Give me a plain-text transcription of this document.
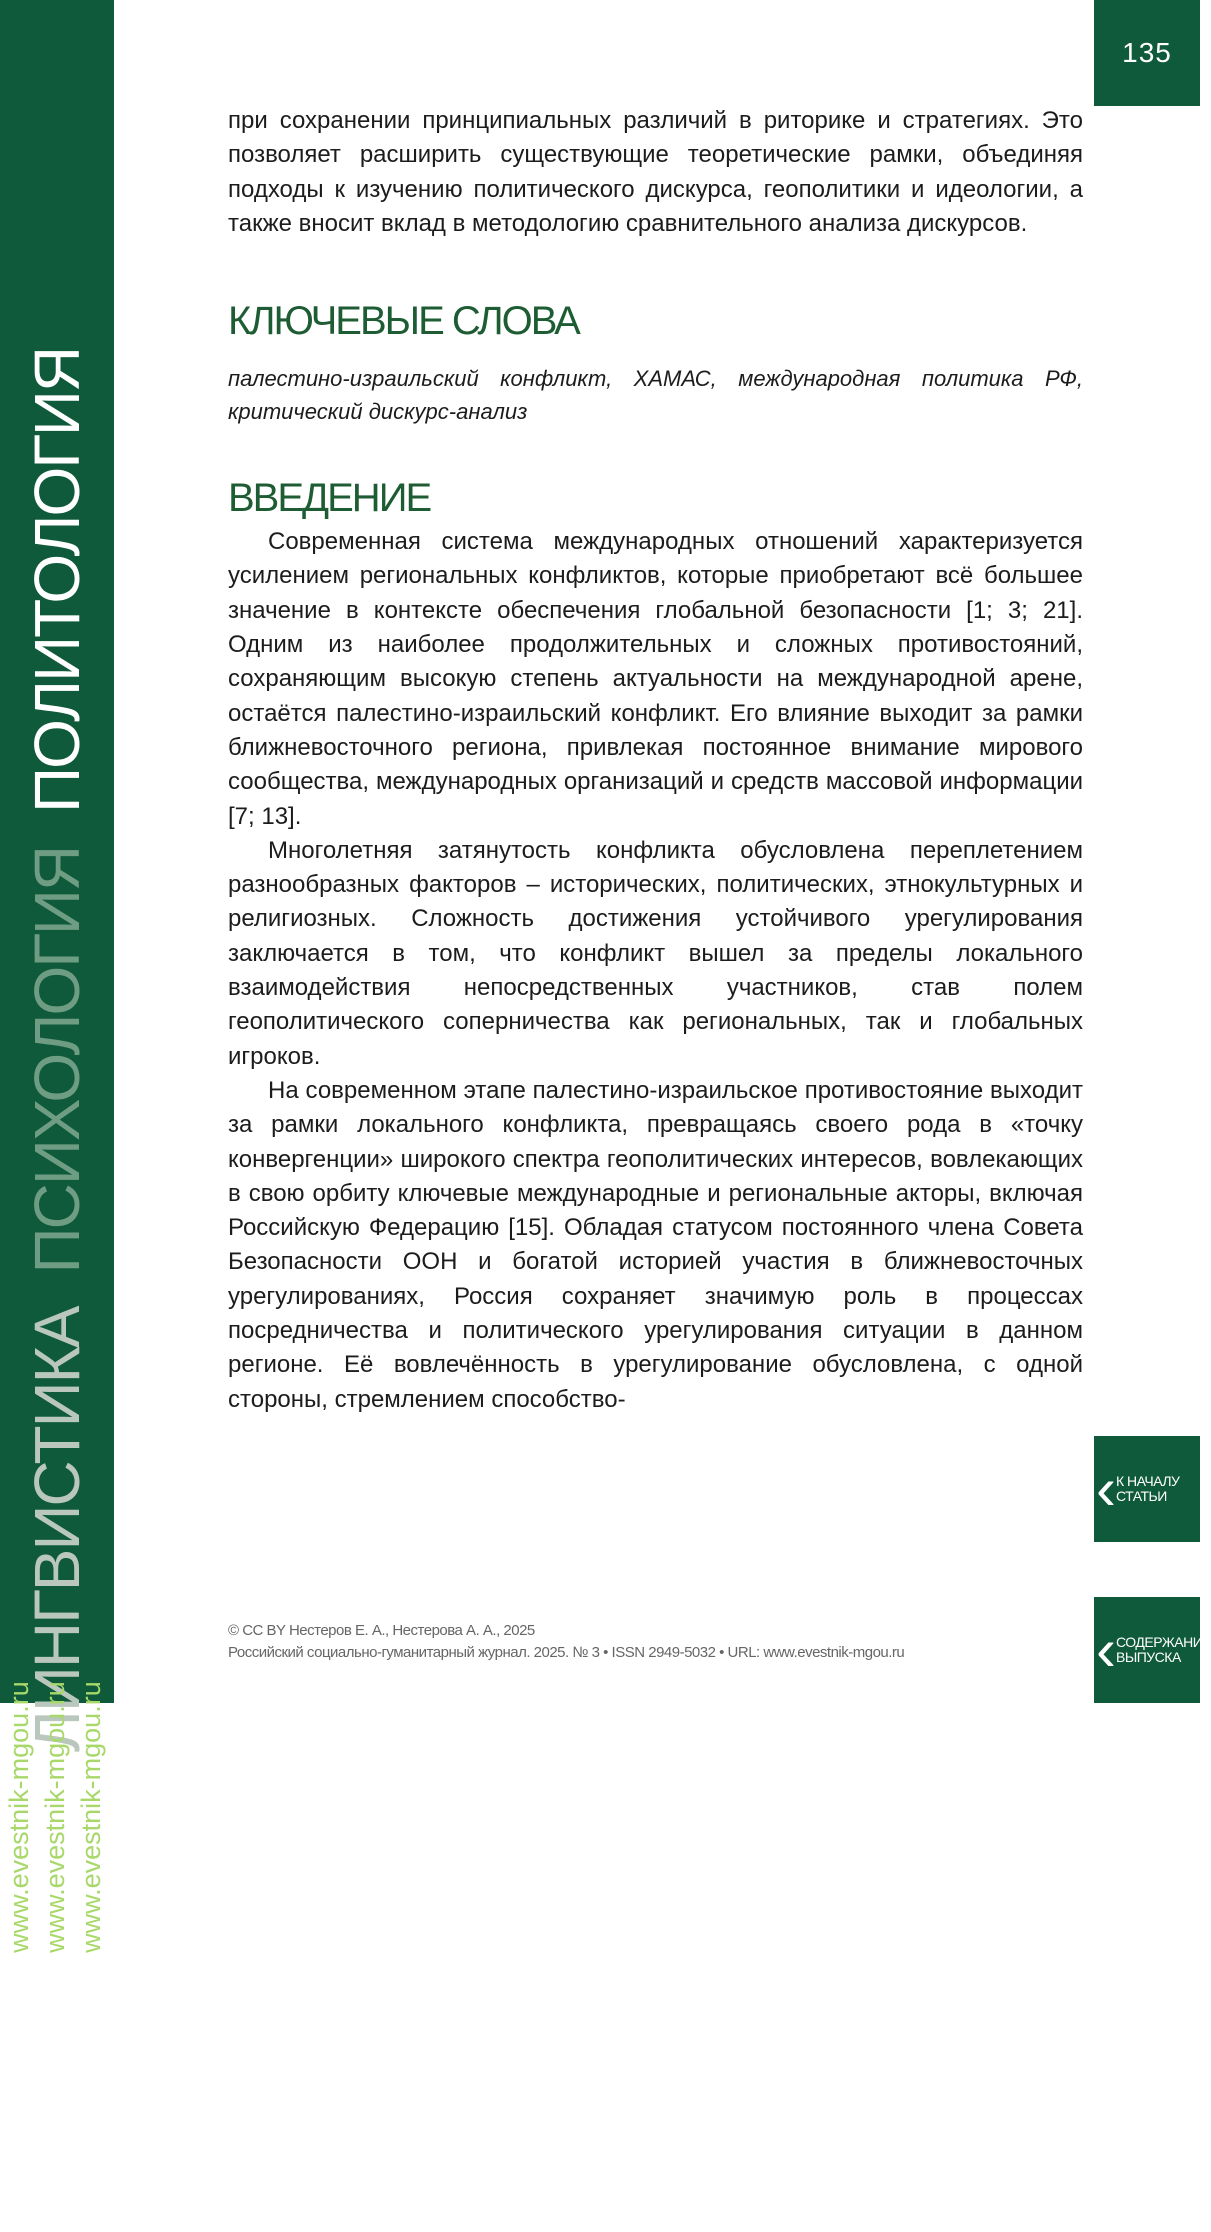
ЛИНГВИСТИКАПСИХОЛОГИЯПОЛИТОЛОГИЯ
www.evestnik-mgou.ru www.evestnik-mgou.ru
www.evestnik-mgou.ru www.evestnik-mgou.ru
www.evestnik-mgou.ru www.evestnik-mgou.ru
135
‹ К НАЧАЛУ
СТАТЬИ
‹ СОДЕРЖАНИЕ
ВЫПУСКА

при сохранении принципиальных различий в риторике и стратегиях. Это позволяет расширить существующие теоретические рамки, объединяя подходы к изучению политического дискурса, геополитики и идеологии, а также вносит вклад в методологию сравнительного анализа дискурсов.

КЛЮЧЕВЫЕ СЛОВА

палестино-израильский конфликт, ХАМАС, международная политика РФ, критический дискурс-анализ

ВВЕДЕНИЕ

Современная система международных отношений характеризуется усилением региональных конфликтов, которые приобретают всё большее значение в контексте обеспечения глобальной безопасности [1; 3; 21]. Одним из наиболее продолжительных и сложных противостояний, сохраняющим высокую степень актуальности на международной арене, остаётся палестино-израильский конфликт. Его влияние выходит за рамки ближневосточного региона, привлекая постоянное внимание мирового сообщества, международных организаций и средств массовой информации [7; 13].

Многолетняя затянутость конфликта обусловлена переплетением разнообразных факторов – исторических, политических, этнокультурных и религиозных. Сложность достижения устойчивого урегулирования заключается в том, что конфликт вышел за пределы локального взаимодействия непосредственных участников, став полем геополитического соперничества как региональных, так и глобальных игроков.

На современном этапе палестино-израильское противостояние выходит за рамки локального конфликта, превращаясь своего рода в «точку конвергенции» широкого спектра геополитических интересов, вовлекающих в свою орбиту ключевые международные и региональные акторы, включая Российскую Федерацию [15]. Обладая статусом постоянного члена Совета Безопасности ООН и богатой историей участия в ближневосточных урегулированиях, Россия сохраняет значимую роль в процессах посредничества и политического урегулирования ситуации в данном регионе. Её вовлечённость в урегулирование обусловлена, с одной стороны, стремлением способство-

© CC BY Нестеров Е. А., Нестерова А. А., 2025
Российский социально-гуманитарный журнал. 2025. № 3 • ISSN 2949-5032 • URL: www.evestnik-mgou.ru
